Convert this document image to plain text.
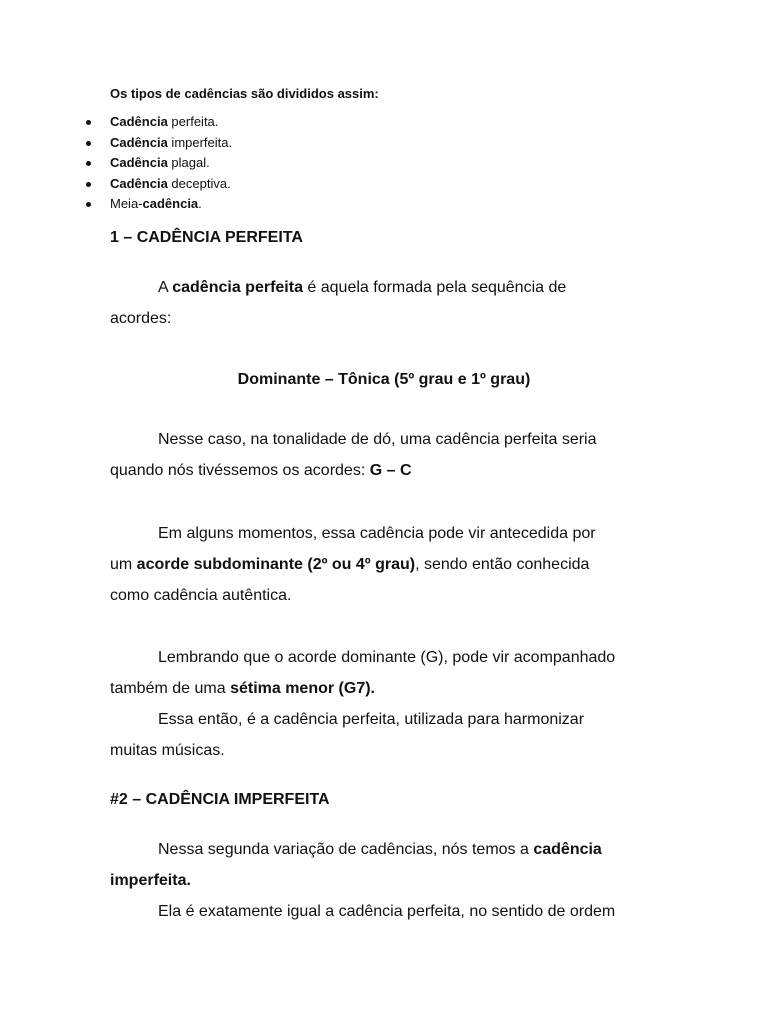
Os tipos de cadências são divididos assim:

Cadência perfeita.
Cadência imperfeita.
Cadência plagal.
Cadência deceptiva.
Meia-cadência.
1 – CADÊNCIA PERFEITA

A cadência perfeita é aquela formada pela sequência de
acordes:

Dominante – Tônica (5º grau e 1º grau)

Nesse caso, na tonalidade de dó, uma cadência perfeita seria
quando nós tivéssemos os acordes: G – C

Em alguns momentos, essa cadência pode vir antecedida por
um acorde subdominante (2º ou 4º grau), sendo então conhecida
como cadência autêntica.

Lembrando que o acorde dominante (G), pode vir acompanhado
também de uma sétima menor (G7).
Essa então, é a cadência perfeita, utilizada para harmonizar
muitas músicas.

#2 – CADÊNCIA IMPERFEITA

Nessa segunda variação de cadências, nós temos a cadência
imperfeita.
Ela é exatamente igual a cadência perfeita, no sentido de ordem
